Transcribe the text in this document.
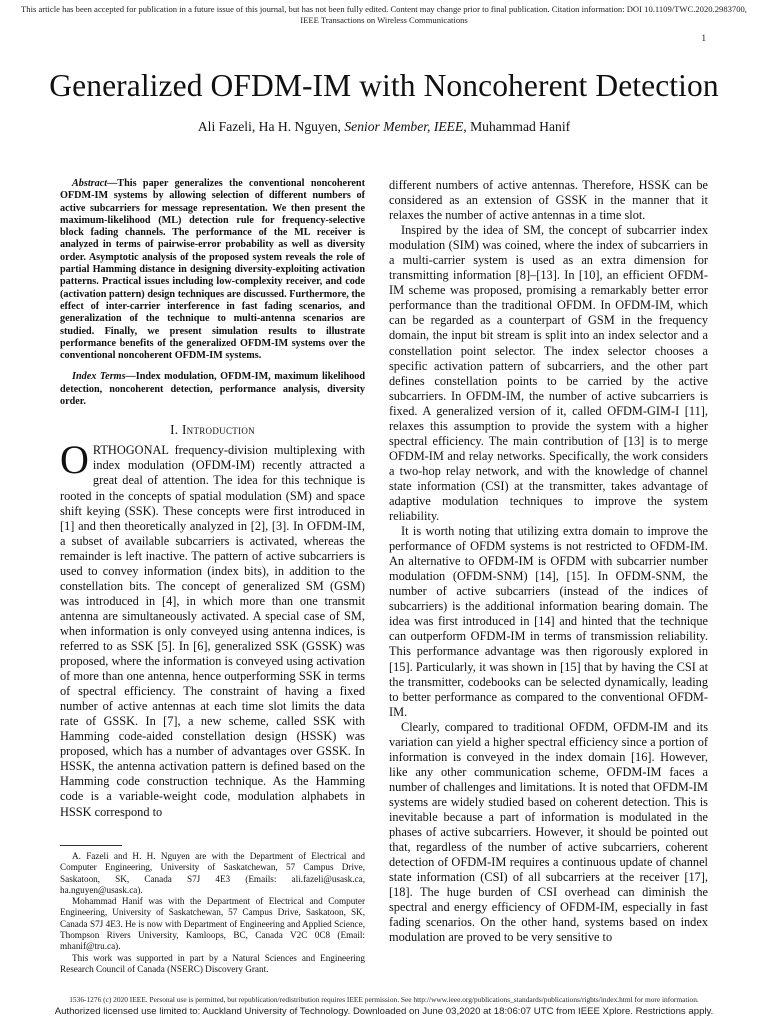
This article has been accepted for publication in a future issue of this journal, but has not been fully edited. Content may change prior to final publication. Citation information: DOI 10.1109/TWC.2020.2983700, IEEE Transactions on Wireless Communications
1
Generalized OFDM-IM with Noncoherent Detection
Ali Fazeli, Ha H. Nguyen, Senior Member, IEEE, Muhammad Hanif

Abstract—This paper generalizes the conventional noncoherent OFDM-IM systems by allowing selection of different numbers of active subcarriers for message representation. We then present the maximum-likelihood (ML) detection rule for frequency-selective block fading channels. The performance of the ML receiver is analyzed in terms of pairwise-error probability as well as diversity order. Asymptotic analysis of the proposed system reveals the role of partial Hamming distance in designing diversity-exploiting activation patterns. Practical issues including low-complexity receiver, and code (activation pattern) design techniques are discussed. Furthermore, the effect of inter-carrier interference in fast fading scenarios, and generalization of the technique to multi-antenna scenarios are studied. Finally, we present simulation results to illustrate performance benefits of the generalized OFDM-IM systems over the conventional noncoherent OFDM-IM systems.

Index Terms—Index modulation, OFDM-IM, maximum likelihood detection, noncoherent detection, performance analysis, diversity order.

I. Introduction

ORTHOGONAL frequency-division multiplexing with index modulation (OFDM-IM) recently attracted a great deal of attention. The idea for this technique is rooted in the concepts of spatial modulation (SM) and space shift keying (SSK). These concepts were first introduced in [1] and then theoretically analyzed in [2], [3]. In OFDM-IM, a subset of available subcarriers is activated, whereas the remainder is left inactive. The pattern of active subcarriers is used to convey information (index bits), in addition to the constellation bits. The concept of generalized SM (GSM) was introduced in [4], in which more than one transmit antenna are simultaneously activated. A special case of SM, when information is only conveyed using antenna indices, is referred to as SSK [5]. In [6], generalized SSK (GSSK) was proposed, where the information is conveyed using activation of more than one antenna, hence outperforming SSK in terms of spectral efficiency. The constraint of having a fixed number of active antennas at each time slot limits the data rate of GSSK. In [7], a new scheme, called SSK with Hamming code-aided constellation design (HSSK) was proposed, which has a number of advantages over GSSK. In HSSK, the antenna activation pattern is defined based on the Hamming code construction technique. As the Hamming code is a variable-weight code, modulation alphabets in HSSK correspond to

A. Fazeli and H. H. Nguyen are with the Department of Electrical and Computer Engineering, University of Saskatchewan, 57 Campus Drive, Saskatoon, SK, Canada S7J 4E3 (Emails: ali.fazeli@usask.ca, ha.nguyen@usask.ca).

Mohammad Hanif was with the Department of Electrical and Computer Engineering, University of Saskatchewan, 57 Campus Drive, Saskatoon, SK, Canada S7J 4E3. He is now with Department of Engineering and Applied Science, Thompson Rivers University, Kamloops, BC, Canada V2C 0C8 (Email: mhanif@tru.ca).

This work was supported in part by a Natural Sciences and Engineering Research Council of Canada (NSERC) Discovery Grant.

different numbers of active antennas. Therefore, HSSK can be considered as an extension of GSSK in the manner that it relaxes the number of active antennas in a time slot.

Inspired by the idea of SM, the concept of subcarrier index modulation (SIM) was coined, where the index of subcarriers in a multi-carrier system is used as an extra dimension for transmitting information [8]–[13]. In [10], an efficient OFDM-IM scheme was proposed, promising a remarkably better error performance than the traditional OFDM. In OFDM-IM, which can be regarded as a counterpart of GSM in the frequency domain, the input bit stream is split into an index selector and a constellation point selector. The index selector chooses a specific activation pattern of subcarriers, and the other part defines constellation points to be carried by the active subcarriers. In OFDM-IM, the number of active subcarriers is fixed. A generalized version of it, called OFDM-GIM-I [11], relaxes this assumption to provide the system with a higher spectral efficiency. The main contribution of [13] is to merge OFDM-IM and relay networks. Specifically, the work considers a two-hop relay network, and with the knowledge of channel state information (CSI) at the transmitter, takes advantage of adaptive modulation techniques to improve the system reliability.

It is worth noting that utilizing extra domain to improve the performance of OFDM systems is not restricted to OFDM-IM. An alternative to OFDM-IM is OFDM with subcarrier number modulation (OFDM-SNM) [14], [15]. In OFDM-SNM, the number of active subcarriers (instead of the indices of subcarriers) is the additional information bearing domain. The idea was first introduced in [14] and hinted that the technique can outperform OFDM-IM in terms of transmission reliability. This performance advantage was then rigorously explored in [15]. Particularly, it was shown in [15] that by having the CSI at the transmitter, codebooks can be selected dynamically, leading to better performance as compared to the conventional OFDM-IM.

Clearly, compared to traditional OFDM, OFDM-IM and its variation can yield a higher spectral efficiency since a portion of information is conveyed in the index domain [16]. However, like any other communication scheme, OFDM-IM faces a number of challenges and limitations. It is noted that OFDM-IM systems are widely studied based on coherent detection. This is inevitable because a part of information is modulated in the phases of active subcarriers. However, it should be pointed out that, regardless of the number of active subcarriers, coherent detection of OFDM-IM requires a continuous update of channel state information (CSI) of all subcarriers at the receiver [17], [18]. The huge burden of CSI overhead can diminish the spectral and energy efficiency of OFDM-IM, especially in fast fading scenarios. On the other hand, systems based on index modulation are proved to be very sensitive to

1536-1276 (c) 2020 IEEE. Personal use is permitted, but republication/redistribution requires IEEE permission. See http://www.ieee.org/publications_standards/publications/rights/index.html for more information.
Authorized licensed use limited to: Auckland University of Technology. Downloaded on June 03,2020 at 18:06:07 UTC from IEEE Xplore. Restrictions apply.
